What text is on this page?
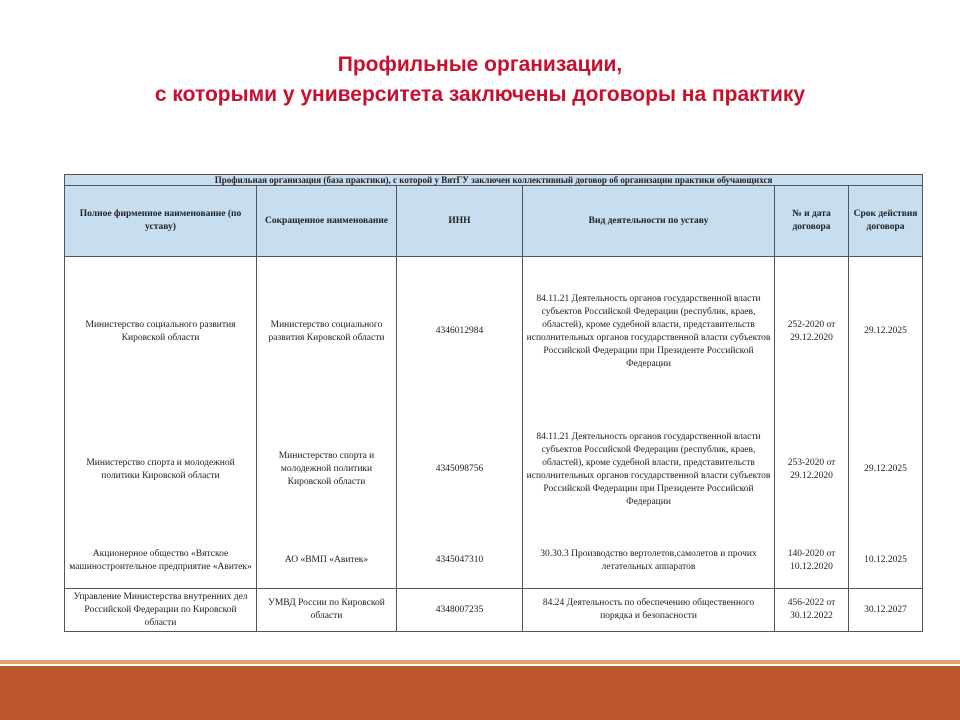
Профильные организации,
с которыми у университета заключены договоры на практику
Профильная организация (база практики), с которой у ВятГУ заключен коллективный договор об организации практики обучающихся					
Полное фирменное наименование (по уставу)	Сокращенное наименование	ИНН	Вид деятельности по уставу	№ и дата договора	Срок действия договора
Министерство социального развития Кировской области	Министерство социального развития Кировской области	4346012984	84.11.21 Деятельность органов государственной власти субъектов Российской Федерации (республик, краев, областей), кроме судебной власти, представительств исполнительных органов государственной власти субъектов Российской Федерации при Президенте Российской Федерации	252-2020 от 29.12.2020	29.12.2025
Министерство спорта и молодежной политики Кировской области	Министерство спорта и молодежной политики Кировской области	4345098756	84.11.21 Деятельность органов государственной власти субъектов Российской Федерации (республик, краев, областей), кроме судебной власти, представительств исполнительных органов государственной власти субъектов Российской Федерации при Президенте Российской Федерации	253-2020 от 29.12.2020	29.12.2025
Акционерное общество «Вятское машиностроительное предприятие «Авитек»	АО «ВМП «Авитек»	4345047310	30.30.3 Производство вертолетов,самолетов и прочих летательных аппаратов	140-2020 от 10.12.2020	10.12.2025
Управление Министерства внутренних дел Российской Федерации по Кировской области	УМВД России по Кировской области	4348007235	84.24 Деятельность по обеспечению общественного порядка и безопасности	456-2022 от 30.12.2022	30.12.2027
